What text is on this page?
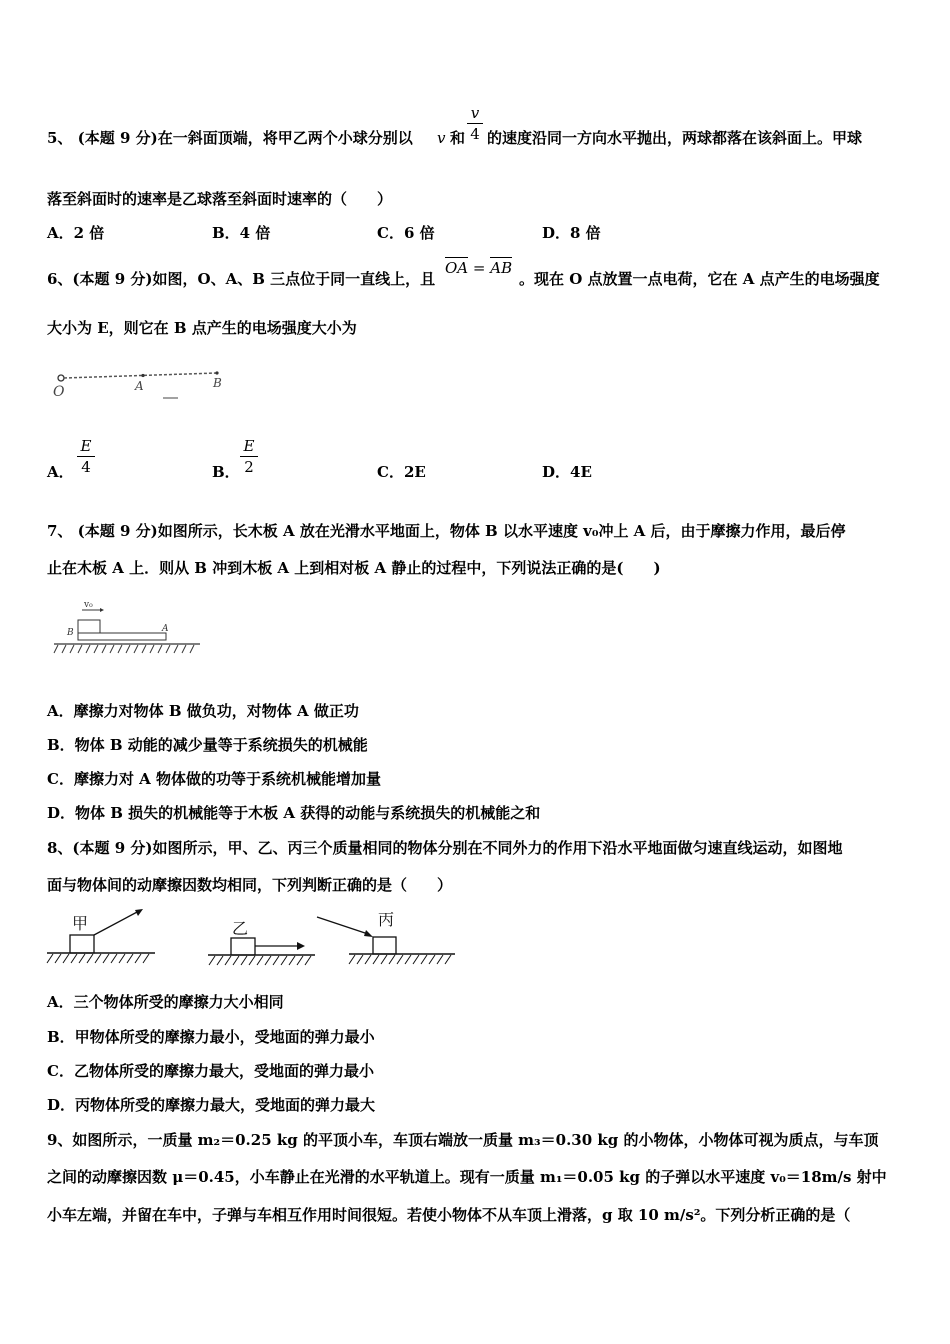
5、 (本题 9 分)在一斜面顶端，将甲乙两个小球分别以 v 和
v
4 的速度沿同一方向水平抛出，两球都落在该斜面上。甲球
落至斜面时的速率是乙球落至斜面时速率的（　　）
A．2 倍	B．4 倍	C．6 倍	D．8 倍
6、(本题 9 分)如图，O、A、B 三点位于同一直线上，且
OA = AB
。现在 O 点放置一点电荷，它在 A 点产生的电场强度
大小为 E，则它在 B 点产生的电场强度大小为
O	A	B
A．
E
4	B．
E
2	C．2E	D．4E
7、 (本题 9 分)如图所示，长木板 A 放在光滑水平地面上，物体 B 以水平速度 v₀冲上 A 后，由于摩擦力作用，最后停
止在木板 A 上．则从 B 冲到木板 A 上到相对板 A 静止的过程中，下列说法正确的是(　　)
v₀
B	A
A．摩擦力对物体 B 做负功，对物体 A 做正功
B．物体 B 动能的减少量等于系统损失的机械能
C．摩擦力对 A 物体做的功等于系统机械能增加量
D．物体 B 损失的机械能等于木板 A 获得的动能与系统损失的机械能之和
8、(本题 9 分)如图所示，甲、乙、丙三个质量相同的物体分别在不同外力的作用下沿水平地面做匀速直线运动，如图地
面与物体间的动摩擦因数均相同，下列判断正确的是（　　）
甲	乙	丙
A．三个物体所受的摩擦力大小相同
B．甲物体所受的摩擦力最小，受地面的弹力最小
C．乙物体所受的摩擦力最大，受地面的弹力最小
D．丙物体所受的摩擦力最大，受地面的弹力最大
9、如图所示，一质量 m₂＝0.25 kg 的平顶小车，车顶右端放一质量 m₃＝0.30 kg 的小物体，小物体可视为质点，与车顶
之间的动摩擦因数 μ＝0.45，小车静止在光滑的水平轨道上。现有一质量 m₁＝0.05 kg 的子弹以水平速度 v₀＝18m/s 射中
小车左端，并留在车中，子弹与车相互作用时间很短。若使小物体不从车顶上滑落，g 取 10 m/s²。下列分析正确的是（
